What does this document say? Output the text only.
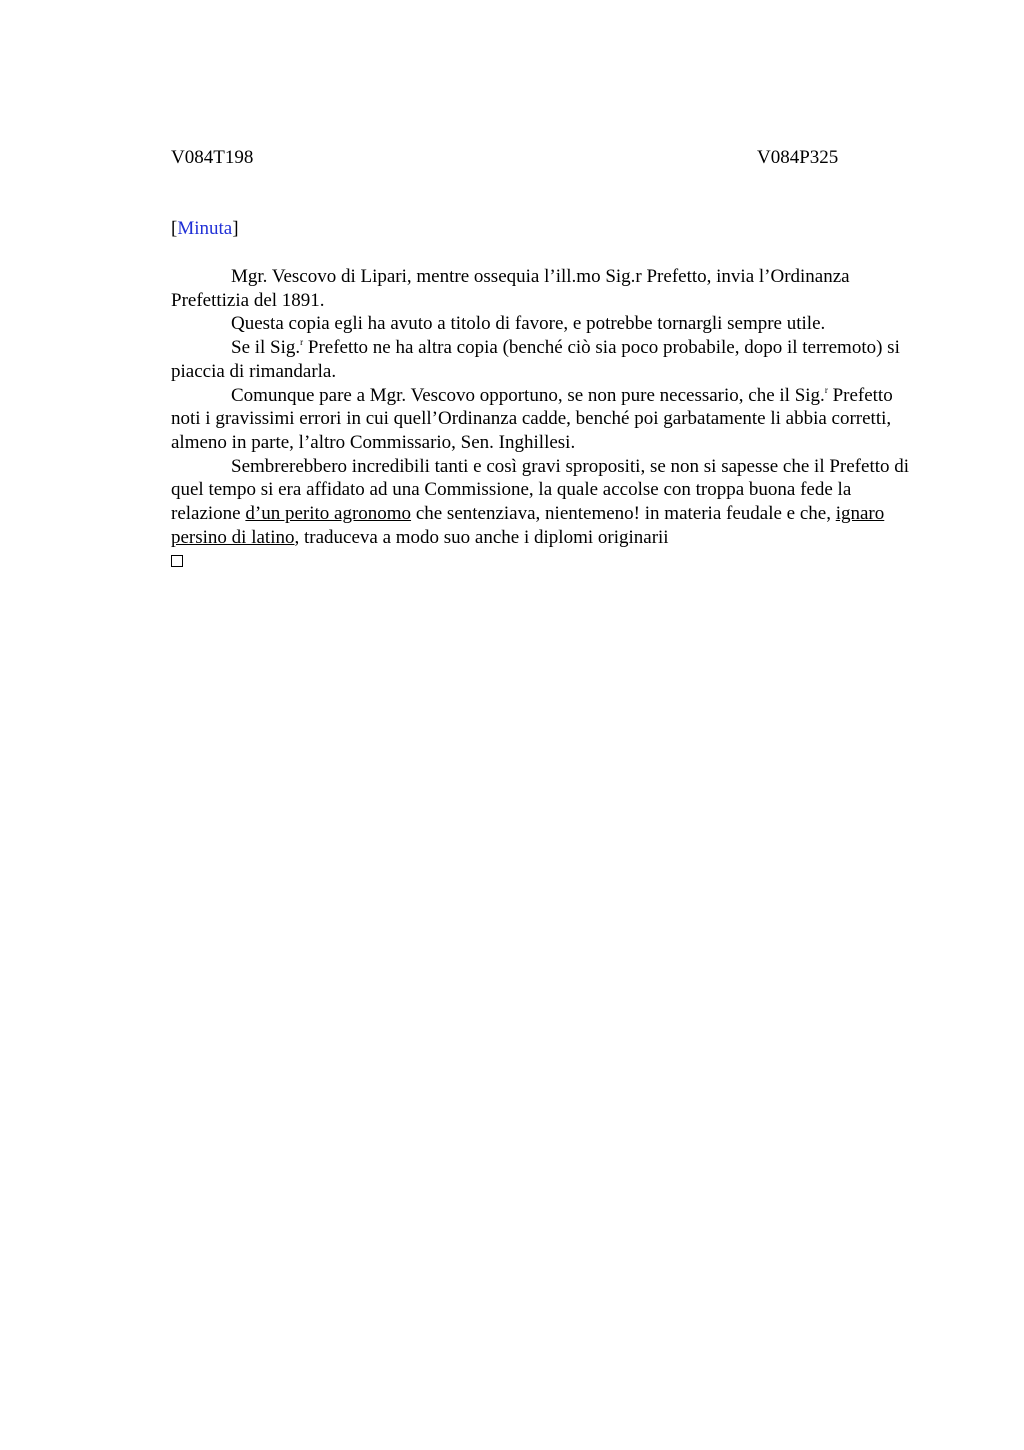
V084T198	V084P325
[Minuta]

Mgr. Vescovo di Lipari, mentre ossequia l’ill.mo Sig.r Prefetto, invia l’Ordinanza Prefettizia del 1891.

Questa copia egli ha avuto a titolo di favore, e potrebbe tornargli sempre utile.

Se il Sig.$^r$ Prefetto ne ha altra copia (benché ciò sia poco probabile, dopo il terremoto) si piaccia di rimandarla.

Comunque pare a Mgr. Vescovo opportuno, se non pure necessario, che il Sig.$^r$ Prefetto noti i gravissimi errori in cui quell’Ordinanza cadde, benché poi garbatamente li abbia corretti, almeno in parte, l’altro Commissario, Sen. Inghillesi.

Sembrerebbero incredibili tanti e così gravi spropositi, se non si sapesse che il Prefetto di quel tempo si era affidato ad una Commissione, la quale accolse con troppa buona fede la relazione d’un perito agronomo che sentenziava, nientemeno! in materia feudale e che, ignaro persino di latino, traduceva a modo suo anche i diplomi originarii
